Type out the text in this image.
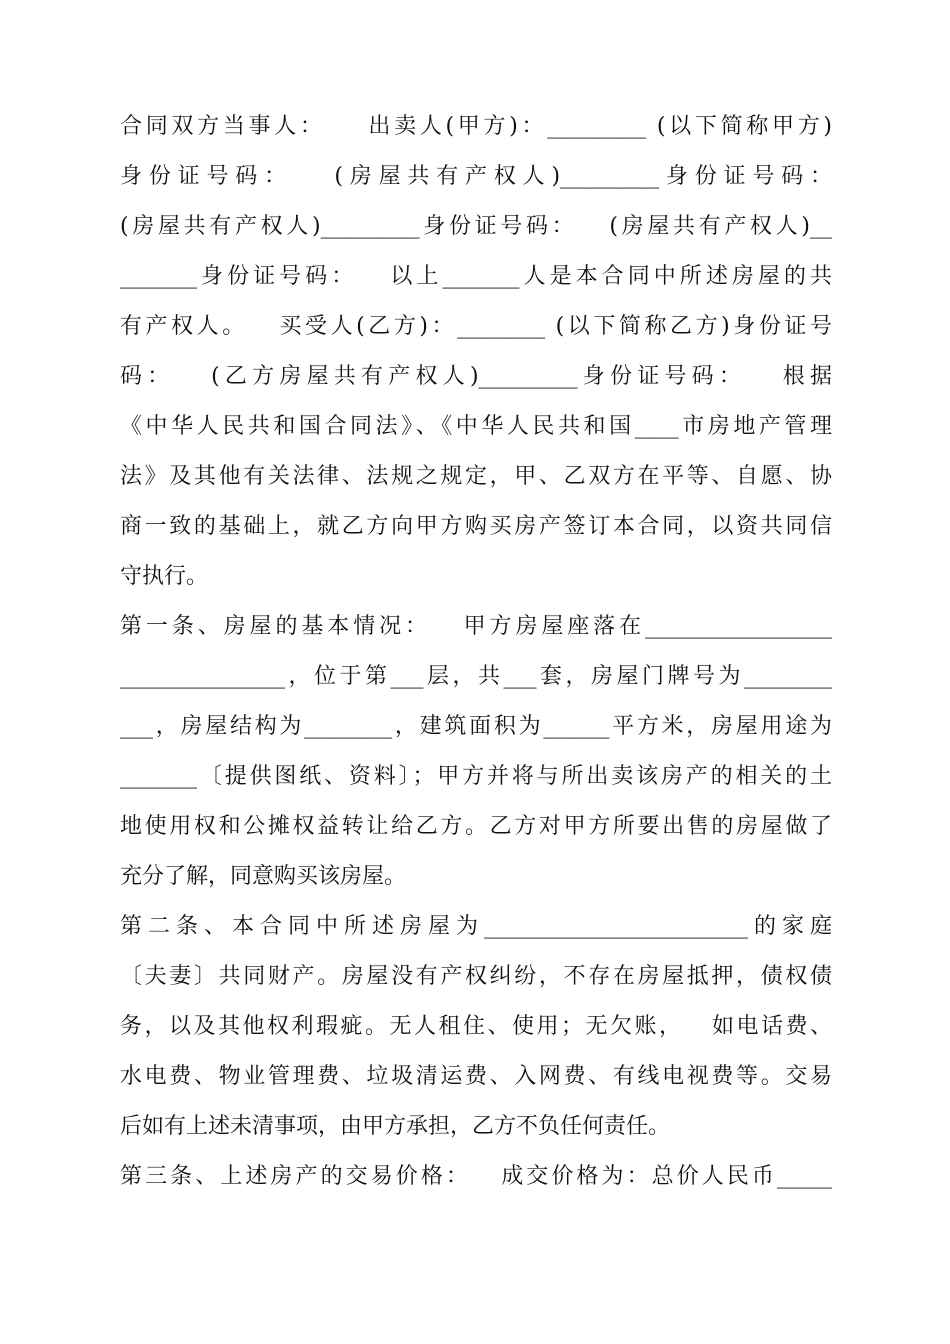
合同双方当事人：    出卖人(甲方)：_________ (以下简称甲方)
身份证号码：   (房屋共有产权人)_________身份证号码：
(房屋共有产权人)_________身份证号码：   (房屋共有产权人)__
_______身份证号码：   以上_______人是本合同中所述房屋的共
有产权人。   买受人(乙方)：________ (以下简称乙方)身份证号
码：   (乙方房屋共有产权人)_________身份证号码：   根据
《中华人民共和国合同法》、《中华人民共和国____市房地产管理
法》及其他有关法律、法规之规定，甲、乙双方在平等、自愿、协
商一致的基础上，就乙方向甲方购买房产签订本合同，以资共同信
守执行。
第一条、房屋的基本情况：   甲方房屋座落在_________________
_______________，位于第___层，共___套，房屋门牌号为________
___，房屋结构为________，建筑面积为______平方米，房屋用途为
_______〔提供图纸、资料〕；甲方并将与所出卖该房产的相关的土
地使用权和公摊权益转让给乙方。乙方对甲方所要出售的房屋做了
充分了解，同意购买该房屋。
第二条、本合同中所述房屋为________________________的家庭
〔夫妻〕共同财产。房屋没有产权纠纷，不存在房屋抵押，债权债
务，以及其他权利瑕疵。无人租住、使用；无欠账，   如电话费、
水电费、物业管理费、垃圾清运费、入网费、有线电视费等。交易
后如有上述未清事项，由甲方承担，乙方不负任何责任。
第三条、上述房产的交易价格：   成交价格为：总价人民币_____
